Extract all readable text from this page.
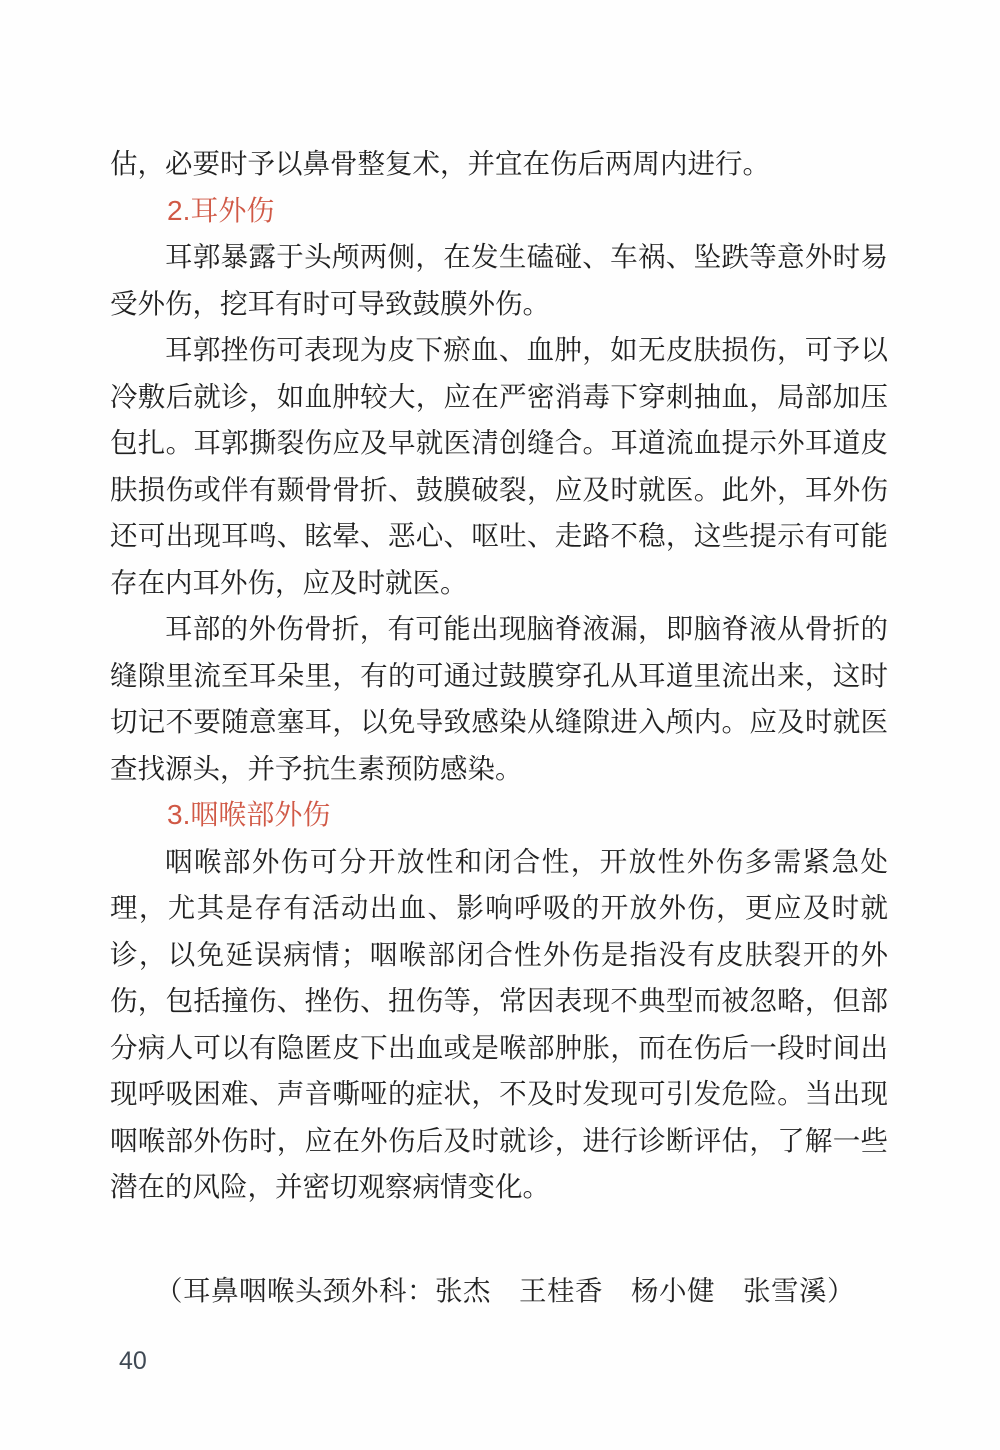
估，必要时予以鼻骨整复术，并宜在伤后两周内进行。
2.耳外伤
耳郭暴露于头颅两侧，在发生磕碰、车祸、坠跌等意外时易
受外伤，挖耳有时可导致鼓膜外伤。
耳郭挫伤可表现为皮下瘀血、血肿，如无皮肤损伤，可予以
冷敷后就诊，如血肿较大，应在严密消毒下穿刺抽血，局部加压
包扎。耳郭撕裂伤应及早就医清创缝合。耳道流血提示外耳道皮
肤损伤或伴有颞骨骨折、鼓膜破裂，应及时就医。此外，耳外伤
还可出现耳鸣、眩晕、恶心、呕吐、走路不稳，这些提示有可能
存在内耳外伤，应及时就医。
耳部的外伤骨折，有可能出现脑脊液漏，即脑脊液从骨折的
缝隙里流至耳朵里，有的可通过鼓膜穿孔从耳道里流出来，这时
切记不要随意塞耳，以免导致感染从缝隙进入颅内。应及时就医
查找源头，并予抗生素预防感染。
3.咽喉部外伤
咽喉部外伤可分开放性和闭合性，开放性外伤多需紧急处
理，尤其是存有活动出血、影响呼吸的开放外伤，更应及时就
诊，以免延误病情；咽喉部闭合性外伤是指没有皮肤裂开的外
伤，包括撞伤、挫伤、扭伤等，常因表现不典型而被忽略，但部
分病人可以有隐匿皮下出血或是喉部肿胀，而在伤后一段时间出
现呼吸困难、声音嘶哑的症状，不及时发现可引发危险。当出现
咽喉部外伤时，应在外伤后及时就诊，进行诊断评估，了解一些
潜在的风险，并密切观察病情变化。
（耳鼻咽喉头颈外科：张杰　王桂香　杨小健　张雪溪）
40
